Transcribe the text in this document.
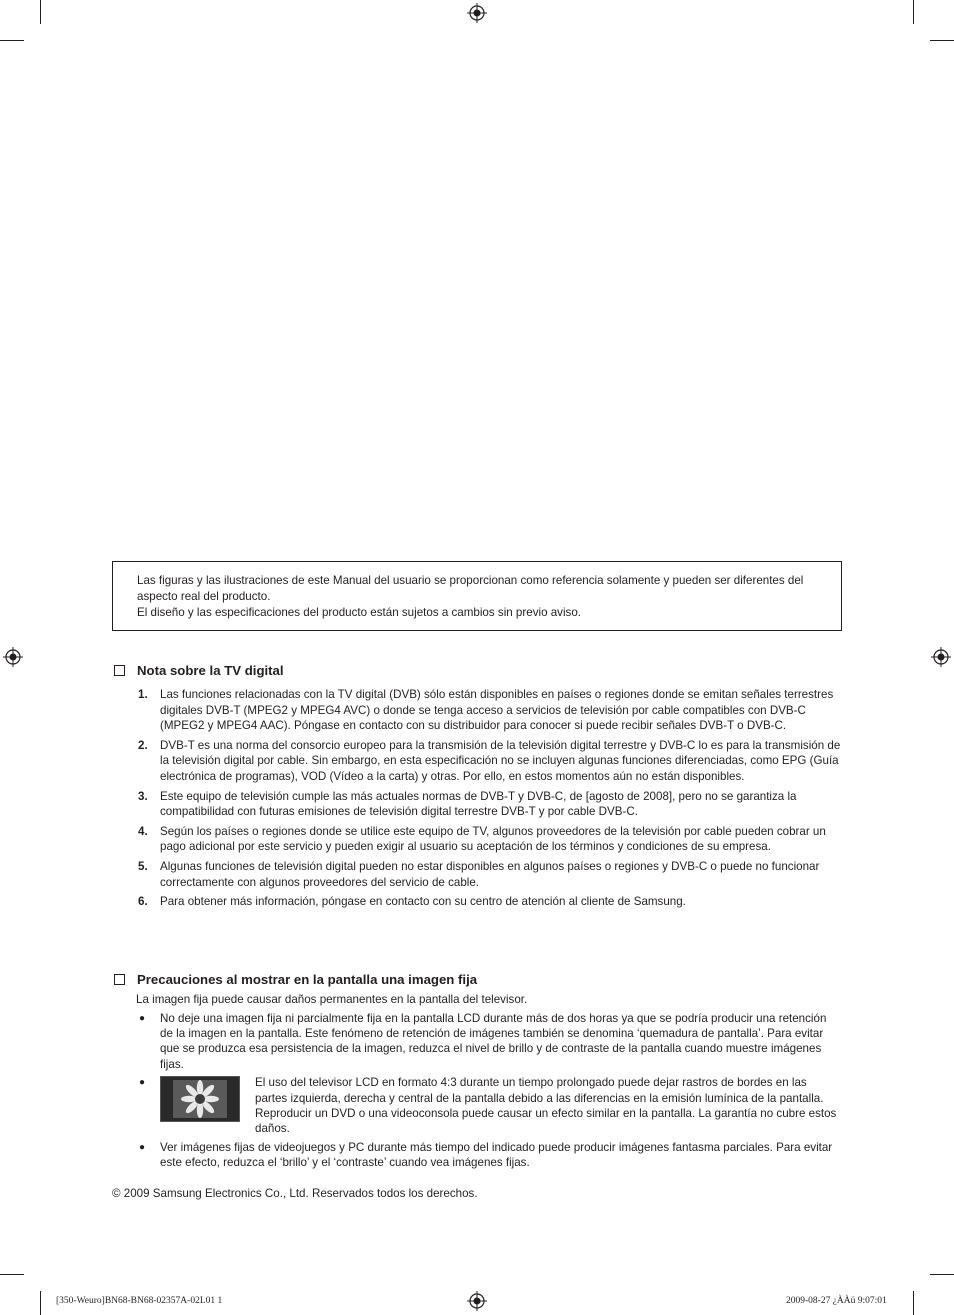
Las figuras y las ilustraciones de este Manual del usuario se proporcionan como referencia solamente y pueden ser diferentes del aspecto real del producto.

El diseño y las especificaciones del producto están sujetos a cambios sin previo aviso.

Nota sobre la TV digital
1. Las funciones relacionadas con la TV digital (DVB) sólo están disponibles en países o regiones donde se emitan señales terrestres digitales DVB-T (MPEG2 y MPEG4 AVC) o donde se tenga acceso a servicios de televisión por cable compatibles con DVB-C (MPEG2 y MPEG4 AAC). Póngase en contacto con su distribuidor para conocer si puede recibir señales DVB-T o DVB-C.
2. DVB-T es una norma del consorcio europeo para la transmisión de la televisión digital terrestre y DVB-C lo es para la transmisión de la televisión digital por cable. Sin embargo, en esta especificación no se incluyen algunas funciones diferenciadas, como EPG (Guía electrónica de programas), VOD (Vídeo a la carta) y otras. Por ello, en estos momentos aún no están disponibles.
3. Este equipo de televisión cumple las más actuales normas de DVB-T y DVB-C, de [agosto de 2008], pero no se garantiza la compatibilidad con futuras emisiones de televisión digital terrestre DVB-T y por cable DVB-C.
4. Según los países o regiones donde se utilice este equipo de TV, algunos proveedores de la televisión por cable pueden cobrar un pago adicional por este servicio y pueden exigir al usuario su aceptación de los términos y condiciones de su empresa.
5. Algunas funciones de televisión digital pueden no estar disponibles en algunos países o regiones y DVB-C o puede no funcionar correctamente con algunos proveedores del servicio de cable.
6. Para obtener más información, póngase en contacto con su centro de atención al cliente de Samsung.
Precauciones al mostrar en la pantalla una imagen fija
La imagen fija puede causar daños permanentes en la pantalla del televisor.
● No deje una imagen fija ni parcialmente fija en la pantalla LCD durante más de dos horas ya que se podría producir una retención de la imagen en la pantalla. Este fenómeno de retención de imágenes también se denomina ‘quemadura de pantalla’. Para evitar que se produzca esa persistencia de la imagen, reduzca el nivel de brillo y de contraste de la pantalla cuando muestre imágenes fijas.
●	El uso del televisor LCD en formato 4:3 durante un tiempo prolongado puede dejar rastros de bordes en las partes izquierda, derecha y central de la pantalla debido a las diferencias en la emisión lumínica de la pantalla. Reproducir un DVD o una videoconsola puede causar un efecto similar en la pantalla. La garantía no cubre estos daños.
● Ver imágenes fijas de videojuegos y PC durante más tiempo del indicado puede producir imágenes fantasma parciales. Para evitar este efecto, reduzca el ‘brillo’ y el ‘contraste’ cuando vea imágenes fijas.
© 2009 Samsung Electronics Co., Ltd. Reservados todos los derechos.
[350-Weuro]BN68-BN68-02357A-02L01 1	2009-08-27 ¿ÀÀü 9:07:01
